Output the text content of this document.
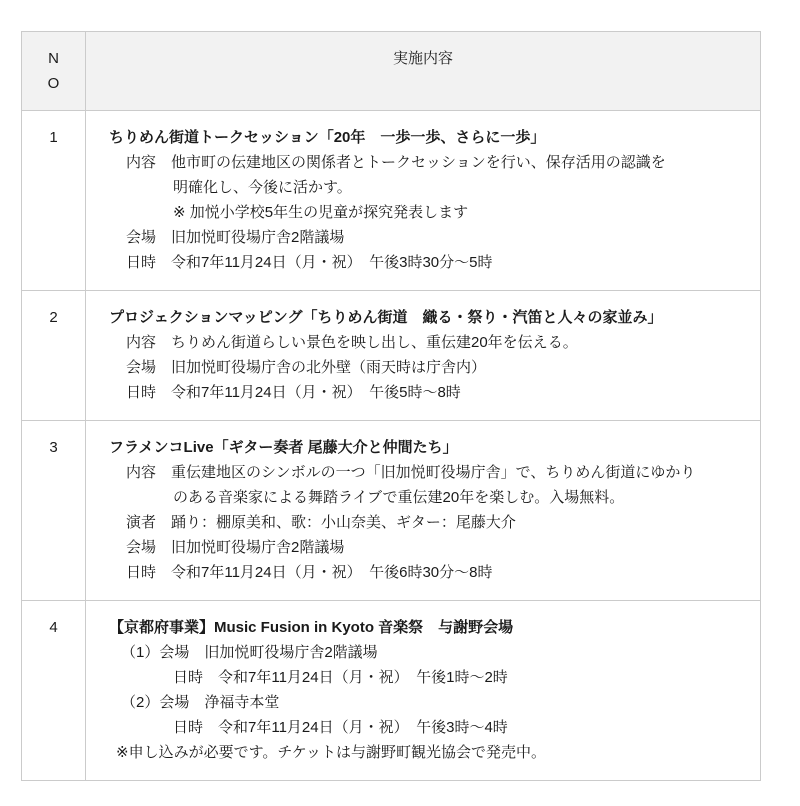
NO
実施内容
1	ちりめん街道トークセッション「20年　一歩一歩、さらに一歩」
内容　他市町の伝建地区の関係者とトークセッションを行い、保存活用の認識を
明確化し、今後に活かす。
※ 加悦小学校5年生の児童が探究発表します
会場　旧加悦町役場庁舎2階議場
日時　令和7年11月24日（月・祝）　午後3時30分～5時
2	プロジェクションマッピング「ちりめん街道　織る・祭り・汽笛と人々の家並み」
内容　ちりめん街道らしい景色を映し出し、重伝建20年を伝える。
会場　旧加悦町役場庁舎の北外壁（雨天時は庁舎内）
日時　令和7年11月24日（月・祝）　午後5時～8時
3	フラメンコLive「ギター奏者 尾藤大介と仲間たち」
内容　重伝建地区のシンボルの一つ「旧加悦町役場庁舎」で、ちりめん街道にゆかり
のある音楽家による舞踏ライブで重伝建20年を楽しむ。入場無料。
演者　踊り：棚原美和、歌：小山奈美、ギター：尾藤大介
会場　旧加悦町役場庁舎2階議場
日時　令和7年11月24日（月・祝）　午後6時30分～8時
4	【京都府事業】Music Fusion in Kyoto 音楽祭　与謝野会場
（1）会場　旧加悦町役場庁舎2階議場
日時　令和7年11月24日（月・祝）　午後1時～2時
（2）会場　浄福寺本堂
日時　令和7年11月24日（月・祝）　午後3時～4時
※申し込みが必要です。チケットは与謝野町観光協会で発売中。
